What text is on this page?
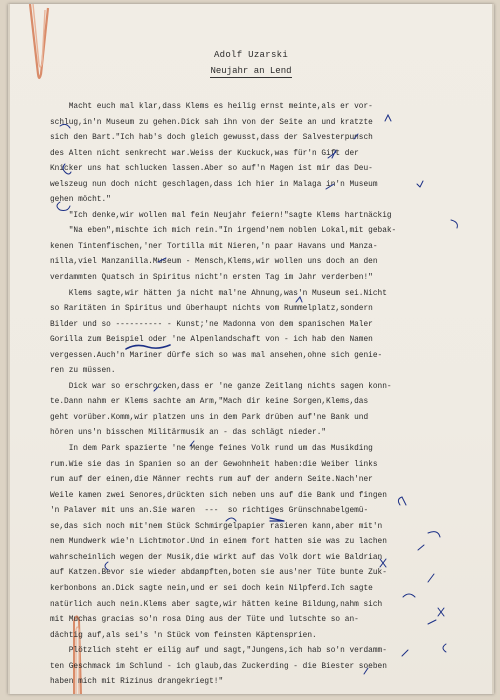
Adolf Uzarski
Neujahr an Lend
Macht euch mal klar,dass Klems es heilig ernst meinte,als er vor-
schlug,in'n Museum zu gehen.Dick sah ihn von der Seite an und kratzte
sich den Bart."Ich hab's doch gleich gewusst,dass der Salvesterpunsch
des Alten nicht senkrecht war.Weiss der Kuckuck,was für'n Gift der
Knicker uns hat schlucken lassen.Aber so auf'n Magen ist mir das Deu-
welszeug nun doch nicht geschlagen,dass ich hier in Malaga in'n Museum
gehen möcht."
"Ich denke,wir wollen mal fein Neujahr feiern!"sagte Klems hartnäckig
"Na eben",mischte ich mich rein."In irgend'nem noblen Lokal,mit gebak-
kenen Tintenfischen,'ner Tortilla mit Nieren,'n paar Havans und Manza-
nilla,viel Manzanilla.Museum - Mensch,Klems,wir wollen uns doch an den
verdammten Quatsch in Spiritus nicht'n ersten Tag im Jahr verderben!"
Klems sagte,wir hätten ja nicht mal'ne Ahnung,was'n Museum sei.Nicht
so Raritäten in Spiritus und überhaupt nichts vom Rummelplatz,sondern
Bilder und so ---------- - Kunst;'ne Madonna von dem spanischen Maler
Gorilla zum Beispiel oder 'ne Alpenlandschaft von - ich hab den Namen
vergessen.Auch'n Mariner dürfe sich so was mal ansehen,ohne sich genie-
ren zu müssen.
Dick war so erschrocken,dass er 'ne ganze Zeitlang nichts sagen konn-
te.Dann nahm er Klems sachte am Arm,"Mach dir keine Sorgen,Klems,das
geht vorüber.Komm,wir platzen uns in dem Park drüben auf'ne Bank und
hören uns'n bisschen Militärmusik an - das schlägt nieder."
In dem Park spazierte 'ne Menge feines Volk rund um das Musikding
rum.Wie sie das in Spanien so an der Gewohnheit haben:die Weiber links
rum auf der einen,die Männer rechts rum auf der andern Seite.Nach'ner
Weile kamen zwei Senores,drückten sich neben uns auf die Bank und fingen
'n Palaver mit uns an.Sie waren  ---  so richtiges Grünschnabelgemü-
se,das sich noch mit'nem Stück Schmirgelpapier rasieren kann,aber mit'n
nem Mundwerk wie'n Lichtmotor.Und in einem fort hatten sie was zu lachen
wahrscheinlich wegen der Musik,die wirkt auf das Volk dort wie Baldrian
auf Katzen.Bevor sie wieder abdampften,boten sie aus'ner Tüte bunte Zuk-
kerbonbons an.Dick sagte nein,und er sei doch kein Nilpferd.Ich sagte
natürlich auch nein.Klems aber sagte,wir hätten keine Bildung,nahm sich
mit Muchas gracias so'n rosa Ding aus der Tüte und lutschte so an-
dächtig auf,als sei's 'n Stück vom feinsten Käptensprien.
Plötzlich steht er eilig auf und sagt,"Jungens,ich hab so'n verdamm-
ten Geschmack im Schlund - ich glaub,das Zuckerding - die Biester soeben
haben mich mit Rizinus drangekriegt!"
